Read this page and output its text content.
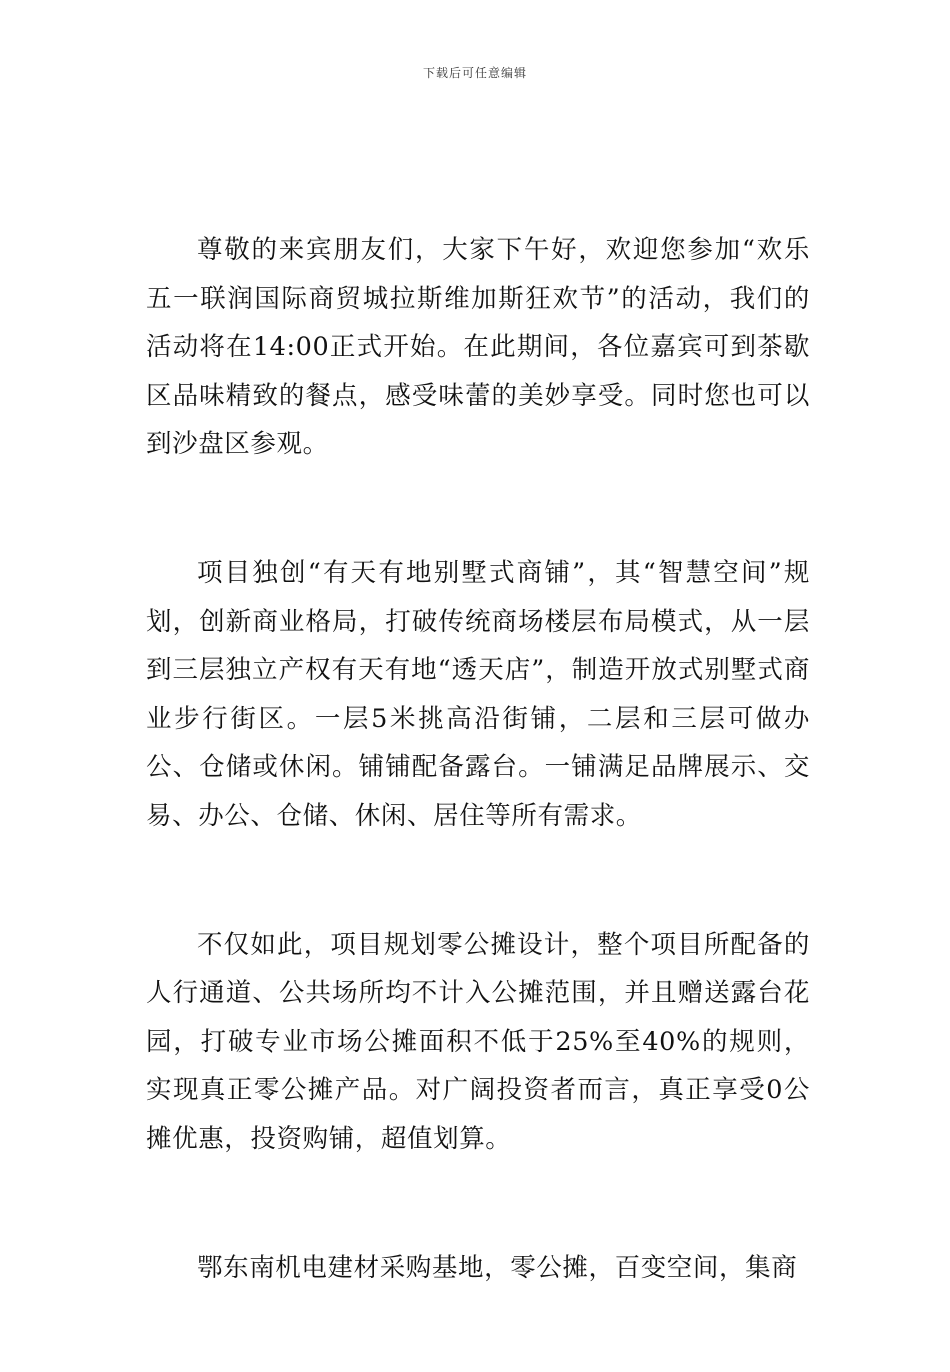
下载后可任意编辑

尊敬的来宾朋友们，大家下午好，欢迎您参加“欢乐五一联润国际商贸城拉斯维加斯狂欢节”的活动，我们的活动将在14:00正式开始。在此期间，各位嘉宾可到茶歇区品味精致的餐点，感受味蕾的美妙享受。同时您也可以到沙盘区参观。

项目独创“有天有地别墅式商铺”，其“智慧空间”规划，创新商业格局，打破传统商场楼层布局模式，从一层到三层独立产权有天有地“透天店”，制造开放式别墅式商业步行街区。一层5米挑高沿街铺，二层和三层可做办公、仓储或休闲。铺铺配备露台。一铺满足品牌展示、交易、办公、仓储、休闲、居住等所有需求。

不仅如此，项目规划零公摊设计，整个项目所配备的人行通道、公共场所均不计入公摊范围，并且赠送露台花园，打破专业市场公摊面积不低于25%至40%的规则，实现真正零公摊产品。对广阔投资者而言，真正享受0公摊优惠，投资购铺，超值划算。

鄂东南机电建材采购基地，零公摊，百变空间，集商
